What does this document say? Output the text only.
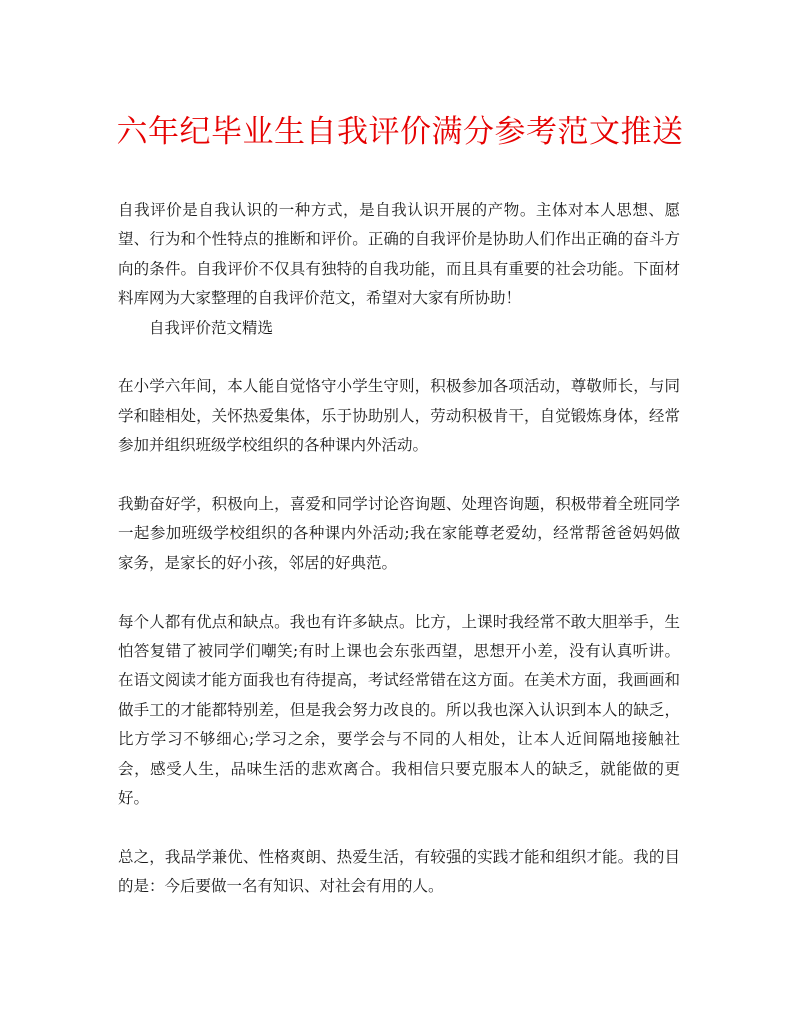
六年纪毕业生自我评价满分参考范文推送

自我评价是自我认识的一种方式，是自我认识开展的产物。主体对本人思想、愿望、行为和个性特点的推断和评价。正确的自我评价是协助人们作出正确的奋斗方向的条件。自我评价不仅具有独特的自我功能，而且具有重要的社会功能。下面材料库网为大家整理的自我评价范文，希望对大家有所协助！

自我评价范文精选

在小学六年间，本人能自觉恪守小学生守则，积极参加各项活动，尊敬师长，与同学和睦相处，关怀热爱集体，乐于协助别人，劳动积极肯干，自觉锻炼身体，经常参加并组织班级学校组织的各种课内外活动。

我勤奋好学，积极向上，喜爱和同学讨论咨询题、处理咨询题，积极带着全班同学一起参加班级学校组织的各种课内外活动;我在家能尊老爱幼，经常帮爸爸妈妈做家务，是家长的好小孩，邻居的好典范。

每个人都有优点和缺点。我也有许多缺点。比方，上课时我经常不敢大胆举手，生怕答复错了被同学们嘲笑;有时上课也会东张西望，思想开小差，没有认真听讲。在语文阅读才能方面我也有待提高，考试经常错在这方面。在美术方面，我画画和做手工的才能都特别差，但是我会努力改良的。所以我也深入认识到本人的缺乏，比方学习不够细心;学习之余，要学会与不同的人相处，让本人近间隔地接触社会，感受人生，品味生活的悲欢离合。我相信只要克服本人的缺乏，就能做的更好。

总之，我品学兼优、性格爽朗、热爱生活，有较强的实践才能和组织才能。我的目的是：今后要做一名有知识、对社会有用的人。
